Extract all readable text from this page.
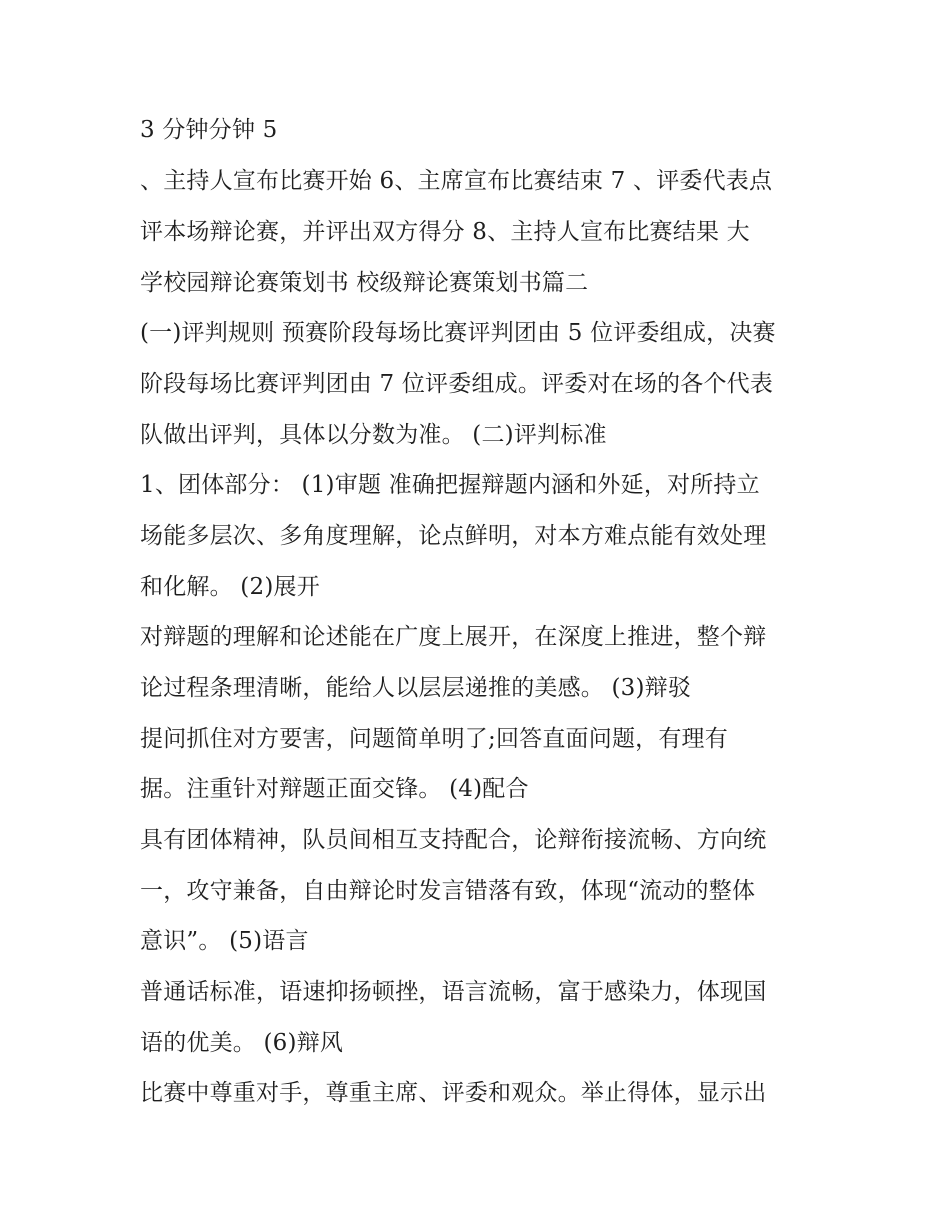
3 分钟分钟 5
、主持人宣布比赛开始 6、主席宣布比赛结束 7 、评委代表点
评本场辩论赛，并评出双方得分 8、主持人宣布比赛结果 大
学校园辩论赛策划书 校级辩论赛策划书篇二
(一)评判规则 预赛阶段每场比赛评判团由 5 位评委组成，决赛
阶段每场比赛评判团由 7 位评委组成。评委对在场的各个代表
队做出评判，具体以分数为准。 (二)评判标准
1、团体部分： (1)审题 准确把握辩题内涵和外延，对所持立
场能多层次、多角度理解，论点鲜明，对本方难点能有效处理
和化解。 (2)展开
对辩题的理解和论述能在广度上展开，在深度上推进，整个辩
论过程条理清晰，能给人以层层递推的美感。 (3)辩驳
提问抓住对方要害，问题简单明了;回答直面问题，有理有
据。注重针对辩题正面交锋。 (4)配合
具有团体精神，队员间相互支持配合，论辩衔接流畅、方向统
一，攻守兼备，自由辩论时发言错落有致，体现“流动的整体
意识”。 (5)语言
普通话标准，语速抑扬顿挫，语言流畅，富于感染力，体现国
语的优美。 (6)辩风
比赛中尊重对手，尊重主席、评委和观众。举止得体，显示出
